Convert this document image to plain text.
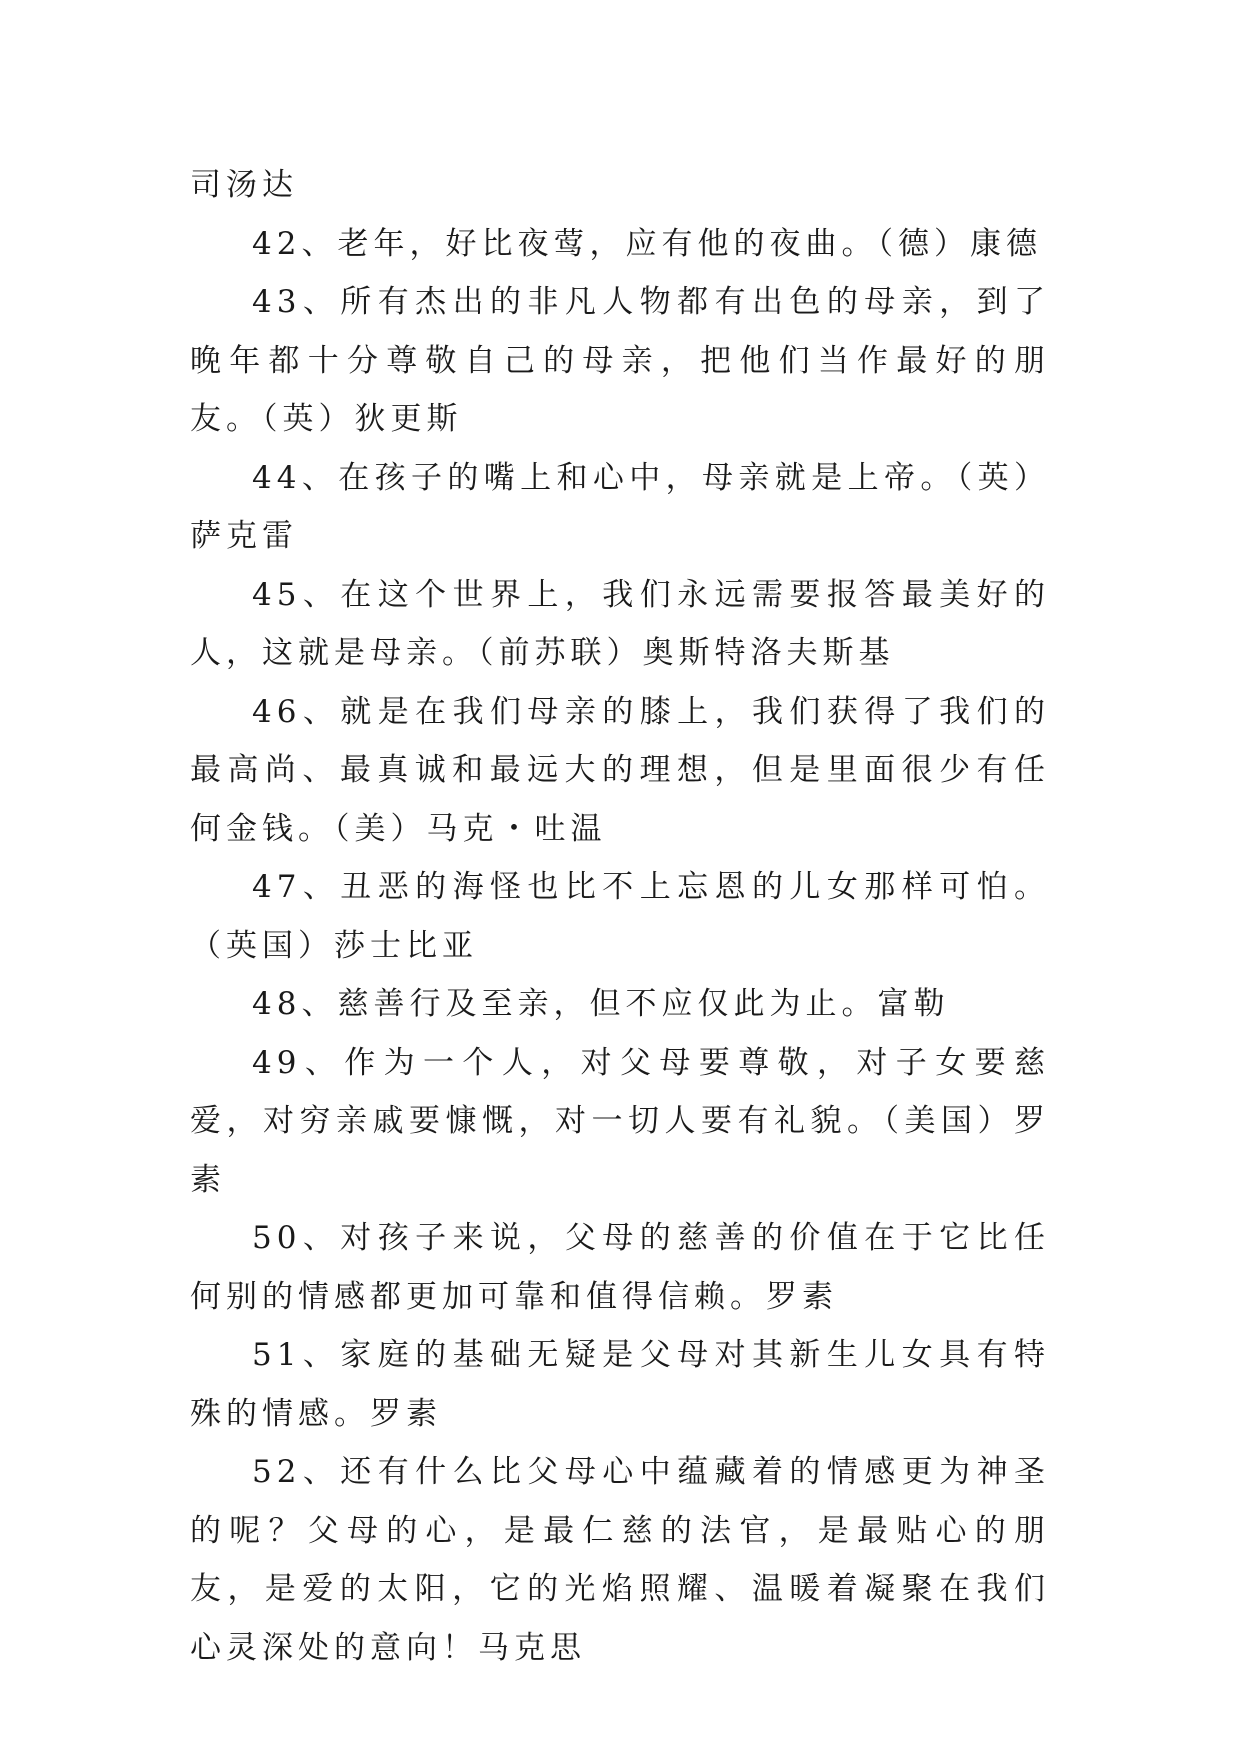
司汤达

42、老年，好比夜莺，应有他的夜曲。（德）康德

43、所有杰出的非凡人物都有出色的母亲，到了晚年都十分尊敬自己的母亲，把他们当作最好的朋友。（英）狄更斯

44、在孩子的嘴上和心中，母亲就是上帝。（英）萨克雷

45、在这个世界上，我们永远需要报答最美好的人，这就是母亲。（前苏联）奥斯特洛夫斯基

46、就是在我们母亲的膝上，我们获得了我们的最高尚、最真诚和最远大的理想，但是里面很少有任何金钱。（美）马克・吐温

47、丑恶的海怪也比不上忘恩的儿女那样可怕。（英国）莎士比亚

48、慈善行及至亲，但不应仅此为止。富勒

49、作为一个人，对父母要尊敬，对子女要慈爱，对穷亲戚要慷慨，对一切人要有礼貌。（美国）罗素

50、对孩子来说，父母的慈善的价值在于它比任何别的情感都更加可靠和值得信赖。罗素

51、家庭的基础无疑是父母对其新生儿女具有特殊的情感。罗素

52、还有什么比父母心中蕴藏着的情感更为神圣的呢？父母的心，是最仁慈的法官，是最贴心的朋友，是爱的太阳，它的光焰照耀、温暖着凝聚在我们心灵深处的意向！马克思
